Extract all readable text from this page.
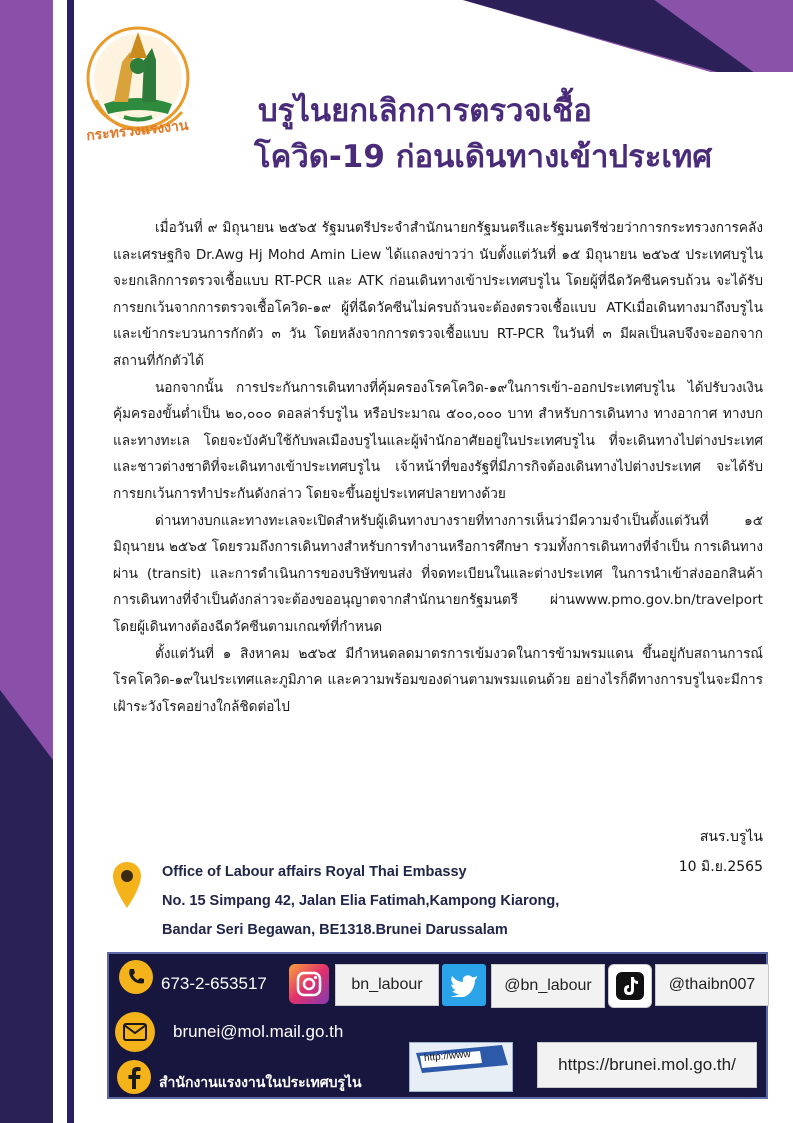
กระทรวงแรงงาน
บรูไนยกเลิกการตรวจเชื้อ
โควิด-19 ก่อนเดินทางเข้าประเทศ

เมื่อวันที่ ๙ มิถุนายน ๒๕๖๕ รัฐมนตรีประจำสำนักนายกรัฐมนตรีและรัฐมนตรีช่วยว่าการกระทรวงการคลังและเศรษฐกิจ Dr.Awg Hj Mohd Amin Liew ได้แถลงข่าวว่า นับตั้งแต่วันที่ ๑๕ มิถุนายน ๒๕๖๕ ประเทศบรูไนจะยกเลิกการตรวจเชื้อแบบ RT-PCR และ ATK ก่อนเดินทางเข้าประเทศบรูไน โดยผู้ที่ฉีดวัคซีนครบถ้วน จะได้รับการยกเว้นจากการตรวจเชื้อโควิด-๑๙ ผู้ที่ฉีดวัคซีนไม่ครบถ้วนจะต้องตรวจเชื้อแบบ ATKเมื่อเดินทางมาถึงบรูไน และเข้ากระบวนการกักตัว ๓ วัน โดยหลังจากการตรวจเชื้อแบบ RT-PCR ในวันที่ ๓ มีผลเป็นลบจึงจะออกจากสถานที่กักตัวได้

นอกจากนั้น การประกันการเดินทางที่คุ้มครองโรคโควิด-๑๙ในการเข้า-ออกประเทศบรูไน ได้ปรับวงเงินคุ้มครองขั้นต่ำเป็น ๒๐,๐๐๐ ดอลล่าร์บรูไน หรือประมาณ ๕๐๐,๐๐๐ บาท สำหรับการเดินทาง ทางอากาศ ทางบก และทางทะเล โดยจะบังคับใช้กับพลเมืองบรูไนและผู้พำนักอาศัยอยู่ในประเทศบรูไน ที่จะเดินทางไปต่างประเทศ และชาวต่างชาติที่จะเดินทางเข้าประเทศบรูไน เจ้าหน้าที่ของรัฐที่มีภารกิจต้องเดินทางไปต่างประเทศ จะได้รับการยกเว้นการทำประกันดังกล่าว โดยจะขึ้นอยู่ประเทศปลายทางด้วย

ด่านทางบกและทางทะเลจะเปิดสำหรับผู้เดินทางบางรายที่ทางการเห็นว่ามีความจำเป็นตั้งแต่วันที่ ๑๕ มิถุนายน ๒๕๖๕ โดยรวมถึงการเดินทางสำหรับการทำงานหรือการศึกษา รวมทั้งการเดินทางที่จำเป็น การเดินทางผ่าน (transit) และการดำเนินการของบริษัทขนส่ง ที่จดทะเบียนในและต่างประเทศ ในการนำเข้าส่งออกสินค้าการเดินทางที่จำเป็นดังกล่าวจะต้องขออนุญาตจากสำนักนายกรัฐมนตรี ผ่านwww.pmo.gov.bn/travelport โดยผู้เดินทางต้องฉีดวัคซีนตามเกณฑ์ที่กำหนด

ตั้งแต่วันที่ ๑ สิงหาคม ๒๕๖๕ มีกำหนดลดมาตรการเข้มงวดในการข้ามพรมแดน ขึ้นอยู่กับสถานการณ์โรคโควิด-๑๙ในประเทศและภูมิภาค และความพร้อมของด่านตามพรมแดนด้วย อย่างไรก็ดีทางการบรูไนจะมีการเฝ้าระวังโรคอย่างใกล้ชิดต่อไป

สนร.บรูไน
10 มิ.ย.2565
Office of Labour affairs Royal Thai Embassy
No. 15 Simpang 42, Jalan Elia Fatimah,Kampong Kiarong,
Bandar Seri Begawan, BE1318.Brunei Darussalam
673-2-653517	bn_labour	@bn_labour	@thaibn007
brunei@mol.mail.go.th
สำนักงานแรงงานในประเทศบรูไน
http://www	https://brunei.mol.go.th/
